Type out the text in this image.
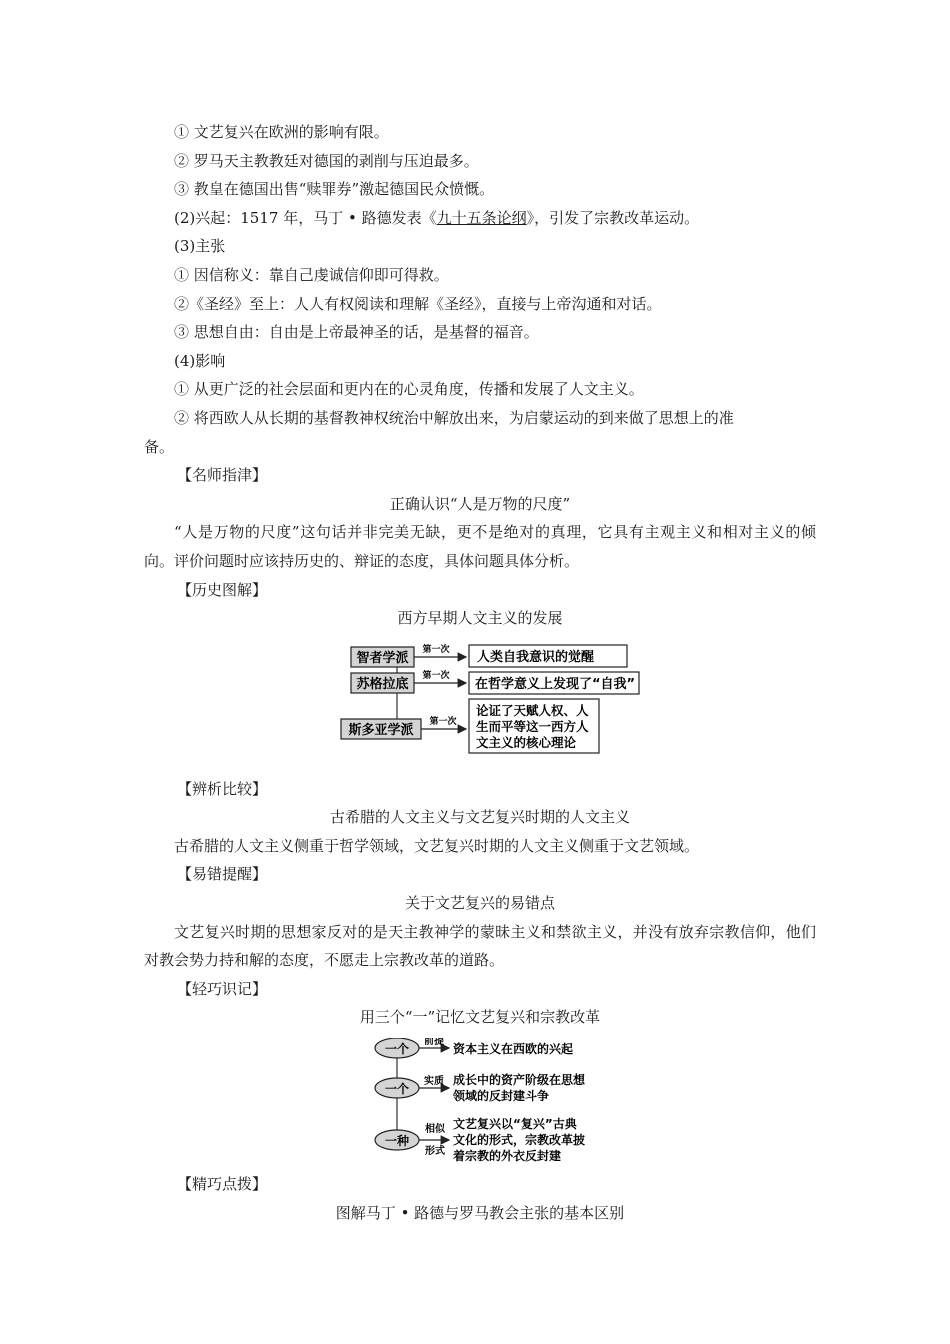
① 文艺复兴在欧洲的影响有限。

② 罗马天主教教廷对德国的剥削与压迫最多。

③ 教皇在德国出售“赎罪券”激起德国民众愤慨。

(2)兴起：1517 年，马丁 • 路德发表《九十五条论纲》，引发了宗教改革运动。

(3)主张

① 因信称义：靠自己虔诚信仰即可得救。

②《圣经》至上：人人有权阅读和理解《圣经》，直接与上帝沟通和对话。

③ 思想自由：自由是上帝最神圣的话，是基督的福音。

(4)影响

① 从更广泛的社会层面和更内在的心灵角度，传播和发展了人文主义。

② 将西欧人从长期的基督教神权统治中解放出来，为启蒙运动的到来做了思想上的准

备。

【名师指津】

正确认识“人是万物的尺度”

“人是万物的尺度”这句话并非完美无缺，更不是绝对的真理，它具有主观主义和相对主义的倾向。评价问题时应该持历史的、辩证的态度，具体问题具体分析。

【历史图解】

西方早期人文主义的发展

智者学派
苏格拉底
斯多亚学派
第一次
第一次
第一次
人类自我意识的觉醒
在哲学意义上发现了“自我”
论证了天赋人权、人
生而平等这一西方人
文主义的核心理论

【辨析比较】

古希腊的人文主义与文艺复兴时期的人文主义

古希腊的人文主义侧重于哲学领域，文艺复兴时期的人文主义侧重于文艺领域。

【易错提醒】

关于文艺复兴的易错点

文艺复兴时期的思想家反对的是天主教神学的蒙昧主义和禁欲主义，并没有放弃宗教信仰，他们对教会势力持和解的态度，不愿走上宗教改革的道路。

【轻巧识记】

用三个“一”记忆文艺复兴和宗教改革

一个
一个
一种
前提
实质
相似
形式
资本主义在西欧的兴起
成长中的资产阶级在思想
领域的反封建斗争
文艺复兴以“复兴”古典
文化的形式，宗教改革披
着宗教的外衣反封建

【精巧点拨】

图解马丁 • 路德与罗马教会主张的基本区别
